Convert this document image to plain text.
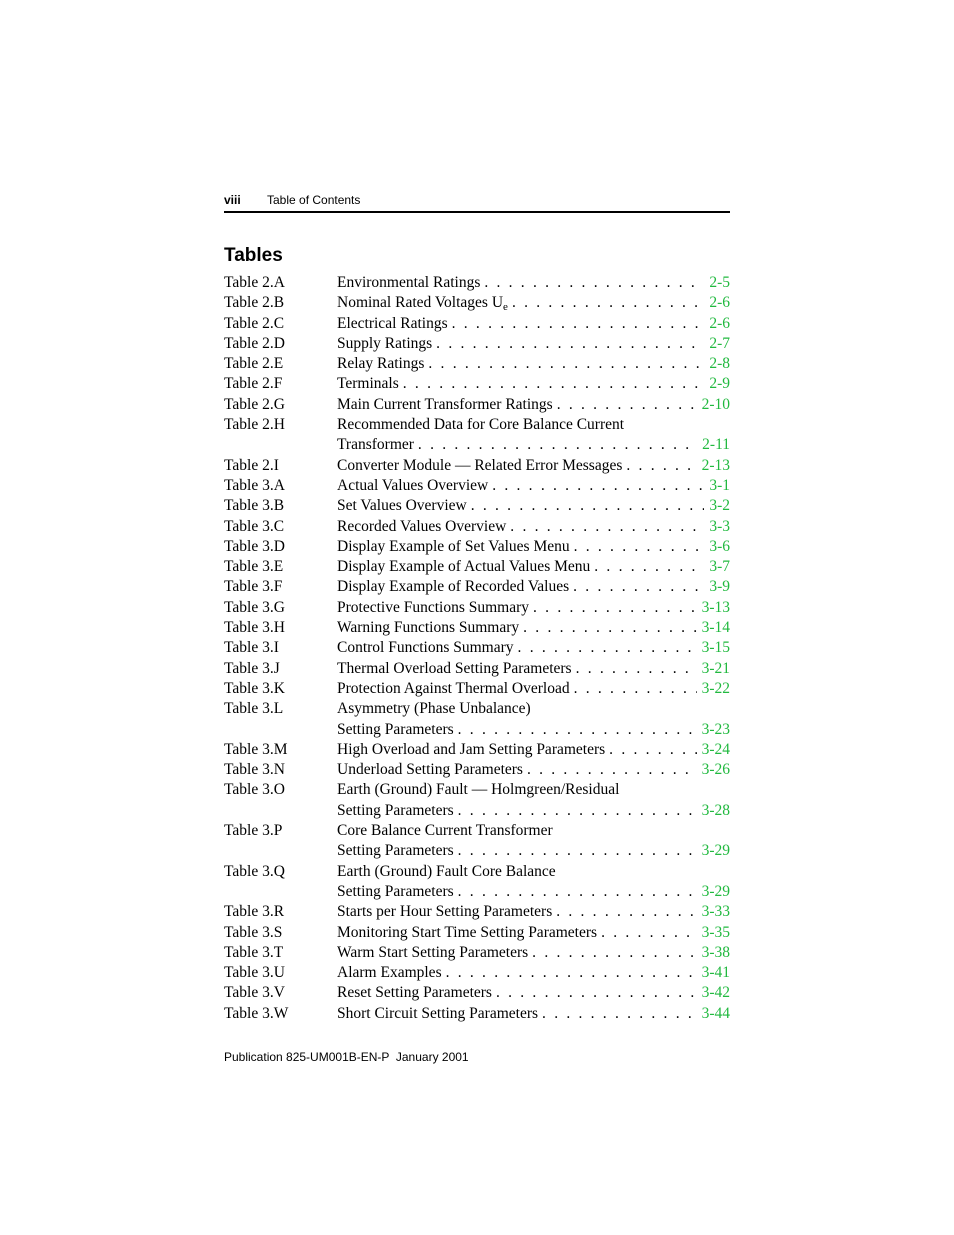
viii Table of Contents
Tables
Table 2.A	Environmental Ratings . . .	2-5
Table 2.B	Nominal Rated Voltages $U_e$ . . .	2-6
Table 2.C	Electrical Ratings . . .	2-6
Table 2.D	Supply Ratings . . .	2-7
Table 2.E	Relay Ratings . . .	2-8
Table 2.F	Terminals . . .	2-9
Table 2.G	Main Current Transformer Ratings . . .	2-10
Table 2.H	Recommended Data for Core Balance Current
Transformer . . .	2-11
Table 2.I	Converter Module — Related Error Messages . . .	2-13
Table 3.A	Actual Values Overview . . .	3-1
Table 3.B	Set Values Overview . . .	3-2
Table 3.C	Recorded Values Overview . . .	3-3
Table 3.D	Display Example of Set Values Menu . . .	3-6
Table 3.E	Display Example of Actual Values Menu . . .	3-7
Table 3.F	Display Example of Recorded Values . . .	3-9
Table 3.G	Protective Functions Summary . . .	3-13
Table 3.H	Warning Functions Summary . . .	3-14
Table 3.I	Control Functions Summary . . .	3-15
Table 3.J	Thermal Overload Setting Parameters . . .	3-21
Table 3.K	Protection Against Thermal Overload . . .	3-22
Table 3.L	Asymmetry (Phase Unbalance)
Setting Parameters . . .	3-23
Table 3.M	High Overload and Jam Setting Parameters . . .	3-24
Table 3.N	Underload Setting Parameters . . .	3-26
Table 3.O	Earth (Ground) Fault — Holmgreen/Residual
Setting Parameters . . .	3-28
Table 3.P	Core Balance Current Transformer
Setting Parameters . . .	3-29
Table 3.Q	Earth (Ground) Fault Core Balance
Setting Parameters . . .	3-29
Table 3.R	Starts per Hour Setting Parameters . . .	3-33
Table 3.S	Monitoring Start Time Setting Parameters . . .	3-35
Table 3.T	Warm Start Setting Parameters . . .	3-38
Table 3.U	Alarm Examples . . .	3-41
Table 3.V	Reset Setting Parameters . . .	3-42
Table 3.W	Short Circuit Setting Parameters . . .	3-44
Publication 825-UM001B-EN-P January 2001
